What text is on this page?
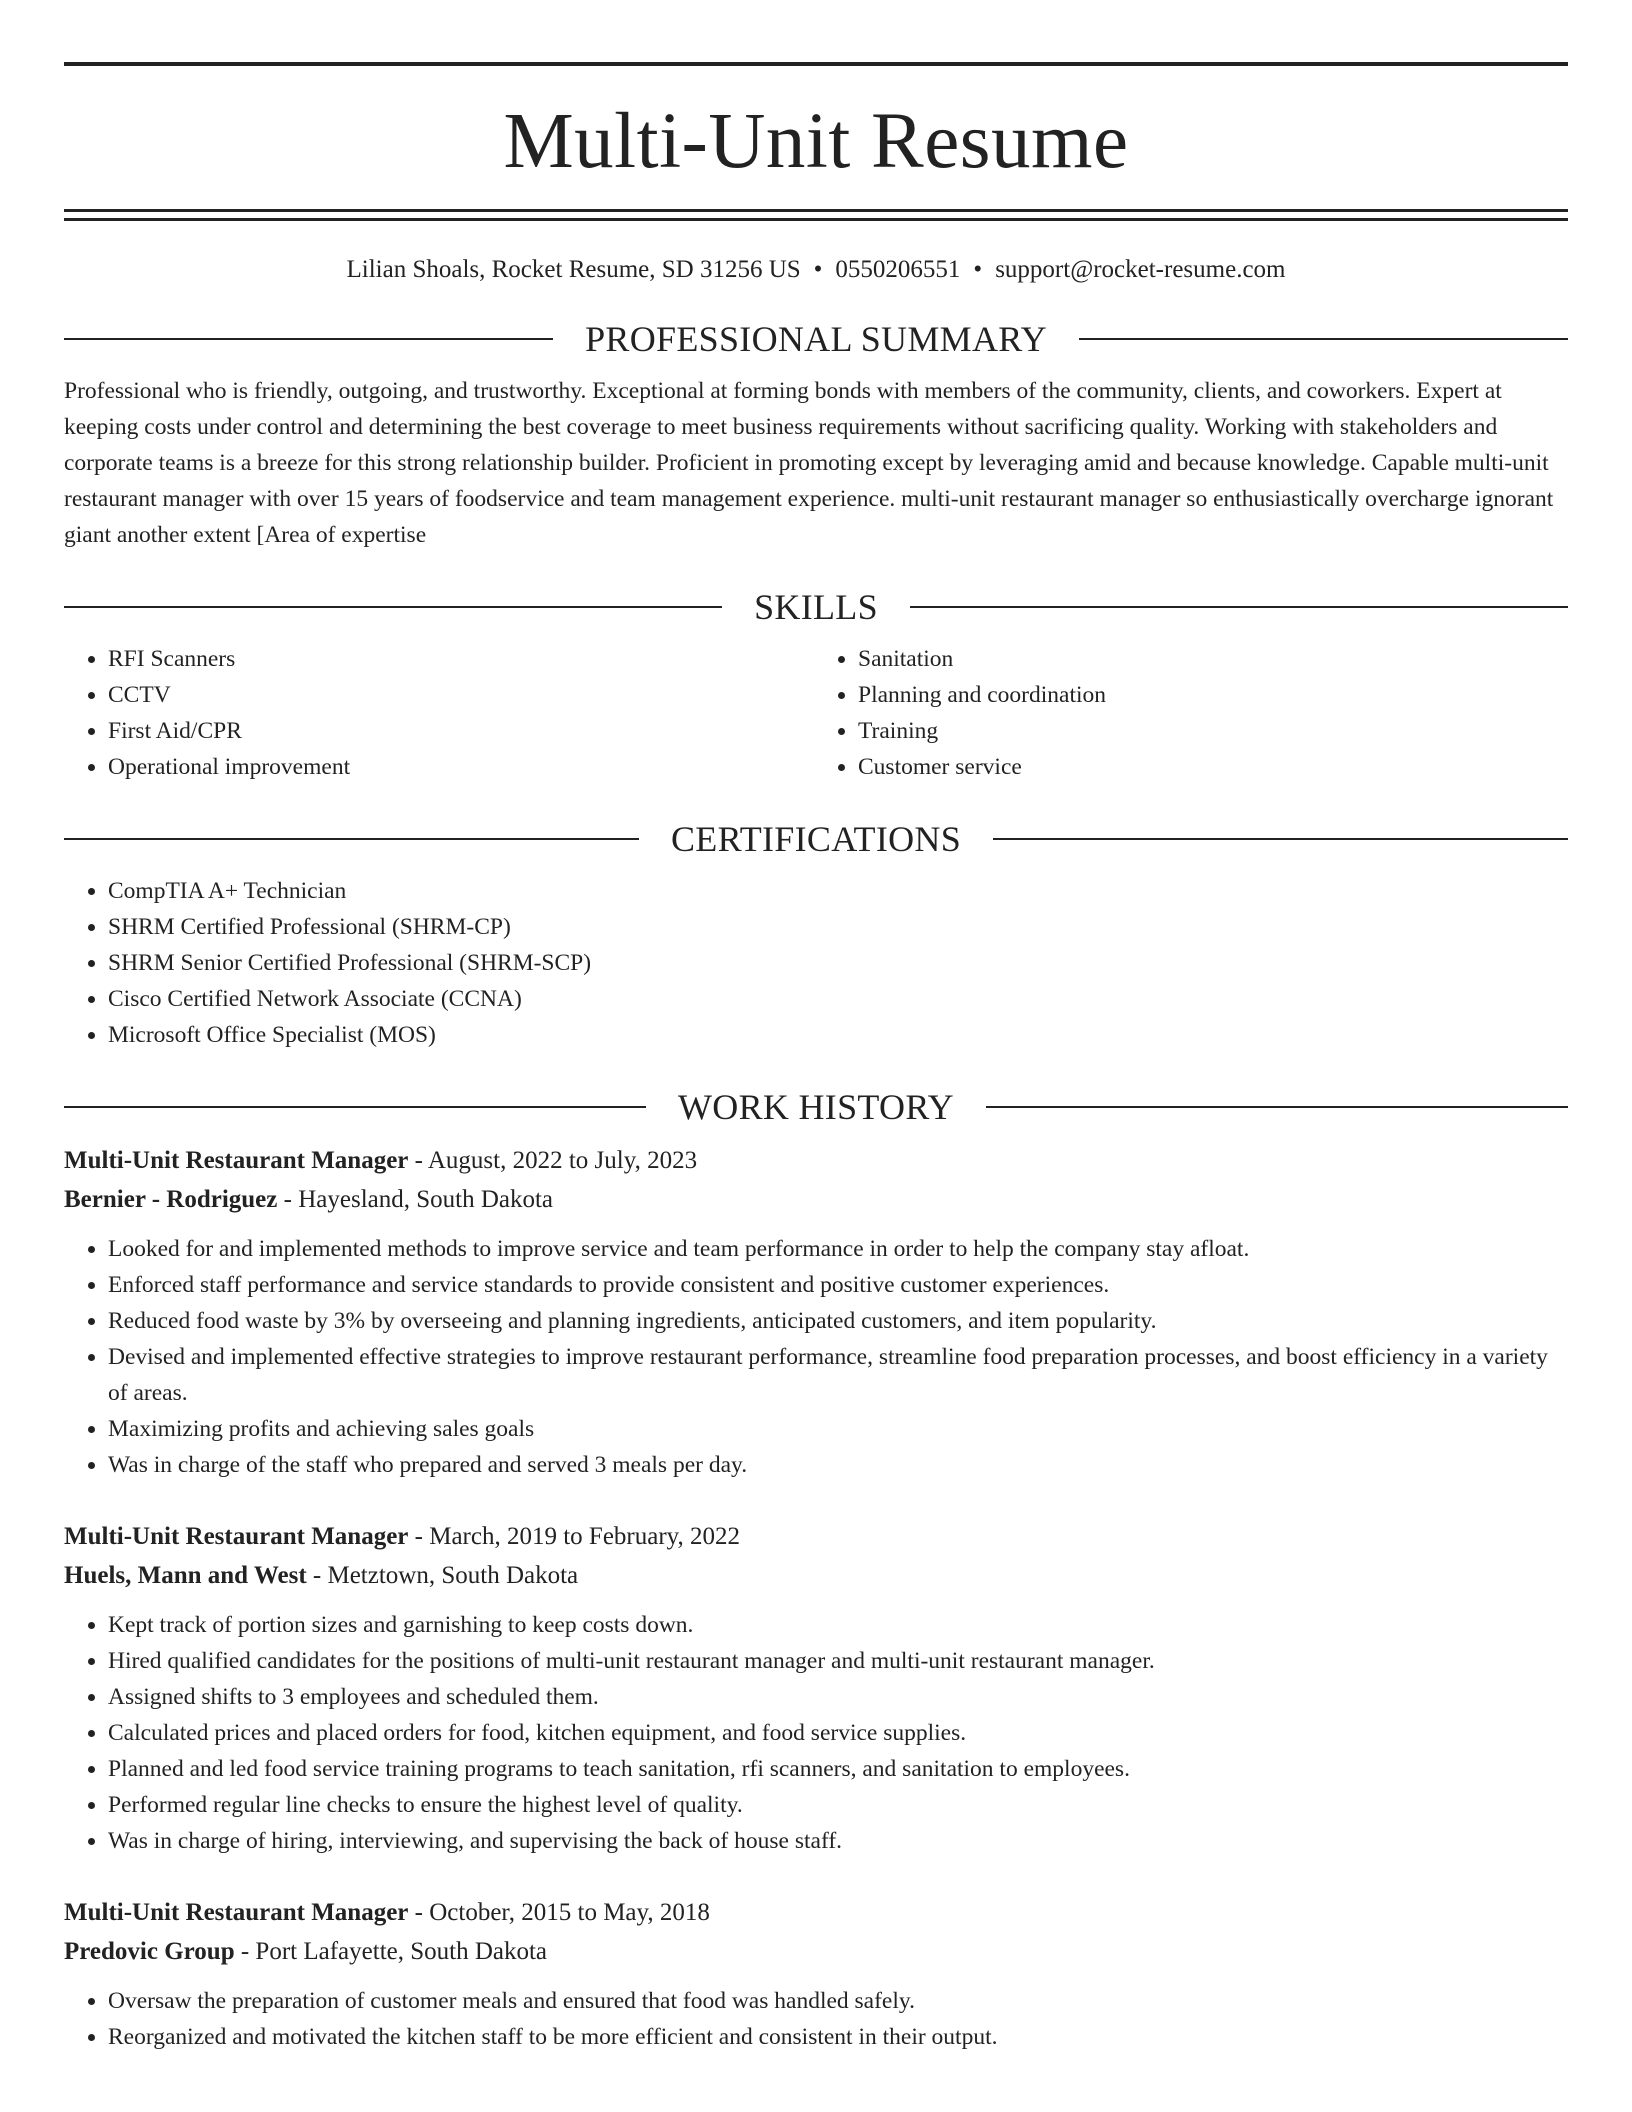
Multi-Unit Resume
Lilian Shoals, Rocket Resume, SD 31256 US • 0550206551 • support@rocket-resume.com
PROFESSIONAL SUMMARY

Professional who is friendly, outgoing, and trustworthy. Exceptional at forming bonds with members of the community, clients, and coworkers. Expert at keeping costs under control and determining the best coverage to meet business requirements without sacrificing quality. Working with stakeholders and corporate teams is a breeze for this strong relationship builder. Proficient in promoting except by leveraging amid and because knowledge. Capable multi-unit restaurant manager with over 15 years of foodservice and team management experience. multi-unit restaurant manager so enthusiastically overcharge ignorant giant another extent [Area of expertise

SKILLS
• RFI Scanners
• CCTV
• First Aid/CPR
• Operational improvement
• Sanitation
• Planning and coordination
• Training
• Customer service
CERTIFICATIONS
• CompTIA A+ Technician
• SHRM Certified Professional (SHRM-CP)
• SHRM Senior Certified Professional (SHRM-SCP)
• Cisco Certified Network Associate (CCNA)
• Microsoft Office Specialist (MOS)
WORK HISTORY
Multi-Unit Restaurant Manager - August, 2022 to July, 2023
Bernier - Rodriguez - Hayesland, South Dakota
• Looked for and implemented methods to improve service and team performance in order to help the company stay afloat.
• Enforced staff performance and service standards to provide consistent and positive customer experiences.
• Reduced food waste by 3% by overseeing and planning ingredients, anticipated customers, and item popularity.
• Devised and implemented effective strategies to improve restaurant performance, streamline food preparation processes, and boost efficiency in a variety of areas.
• Maximizing profits and achieving sales goals
• Was in charge of the staff who prepared and served 3 meals per day.
Multi-Unit Restaurant Manager - March, 2019 to February, 2022
Huels, Mann and West - Metztown, South Dakota
• Kept track of portion sizes and garnishing to keep costs down.
• Hired qualified candidates for the positions of multi-unit restaurant manager and multi-unit restaurant manager.
• Assigned shifts to 3 employees and scheduled them.
• Calculated prices and placed orders for food, kitchen equipment, and food service supplies.
• Planned and led food service training programs to teach sanitation, rfi scanners, and sanitation to employees.
• Performed regular line checks to ensure the highest level of quality.
• Was in charge of hiring, interviewing, and supervising the back of house staff.
Multi-Unit Restaurant Manager - October, 2015 to May, 2018
Predovic Group - Port Lafayette, South Dakota
• Oversaw the preparation of customer meals and ensured that food was handled safely.
• Reorganized and motivated the kitchen staff to be more efficient and consistent in their output.
